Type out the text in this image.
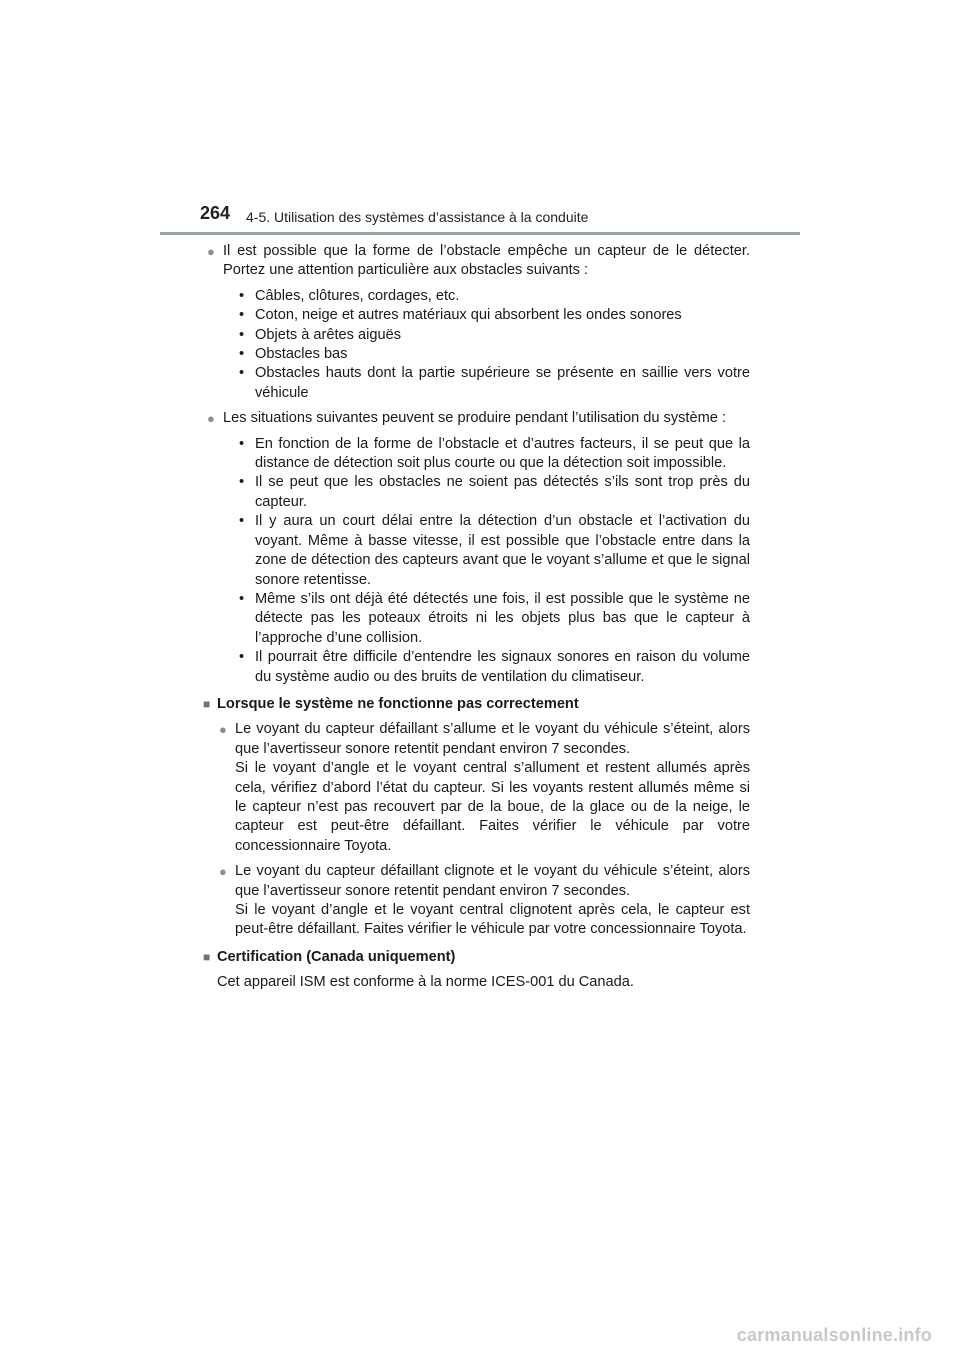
264 4-5. Utilisation des systèmes d’assistance à la conduite
● Il est possible que la forme de l’obstacle empêche un capteur de le détecter. Portez une attention particulière aux obstacles suivants :

• Câbles, clôtures, cordages, etc.
• Coton, neige et autres matériaux qui absorbent les ondes sonores
• Objets à arêtes aiguës
• Obstacles bas
• Obstacles hauts dont la partie supérieure se présente en saillie vers votre véhicule
● Les situations suivantes peuvent se produire pendant l’utilisation du système :

• En fonction de la forme de l’obstacle et d’autres facteurs, il se peut que la distance de détection soit plus courte ou que la détection soit impossible.
• Il se peut que les obstacles ne soient pas détectés s’ils sont trop près du capteur.
• Il y aura un court délai entre la détection d’un obstacle et l’activation du voyant. Même à basse vitesse, il est possible que l’obstacle entre dans la zone de détection des capteurs avant que le voyant s’allume et que le signal sonore retentisse.
• Même s’ils ont déjà été détectés une fois, il est possible que le système ne détecte pas les poteaux étroits ni les objets plus bas que le capteur à l’approche d’une collision.
• Il pourrait être difficile d’entendre les signaux sonores en raison du volume du système audio ou des bruits de ventilation du climatiseur.
■ Lorsque le système ne fonctionne pas correctement
● Le voyant du capteur défaillant s’allume et le voyant du véhicule s’éteint, alors que l’avertisseur sonore retentit pendant environ 7 secondes.

Si le voyant d’angle et le voyant central s’allument et restent allumés après cela, vérifiez d’abord l’état du capteur. Si les voyants restent allumés même si le capteur n’est pas recouvert par de la boue, de la glace ou de la neige, le capteur est peut-être défaillant. Faites vérifier le véhicule par votre concessionnaire Toyota.

● Le voyant du capteur défaillant clignote et le voyant du véhicule s’éteint, alors que l’avertisseur sonore retentit pendant environ 7 secondes.

Si le voyant d’angle et le voyant central clignotent après cela, le capteur est peut-être défaillant. Faites vérifier le véhicule par votre concessionnaire Toyota.

■ Certification (Canada uniquement)

Cet appareil ISM est conforme à la norme ICES-001 du Canada.

carmanualsonline.info
